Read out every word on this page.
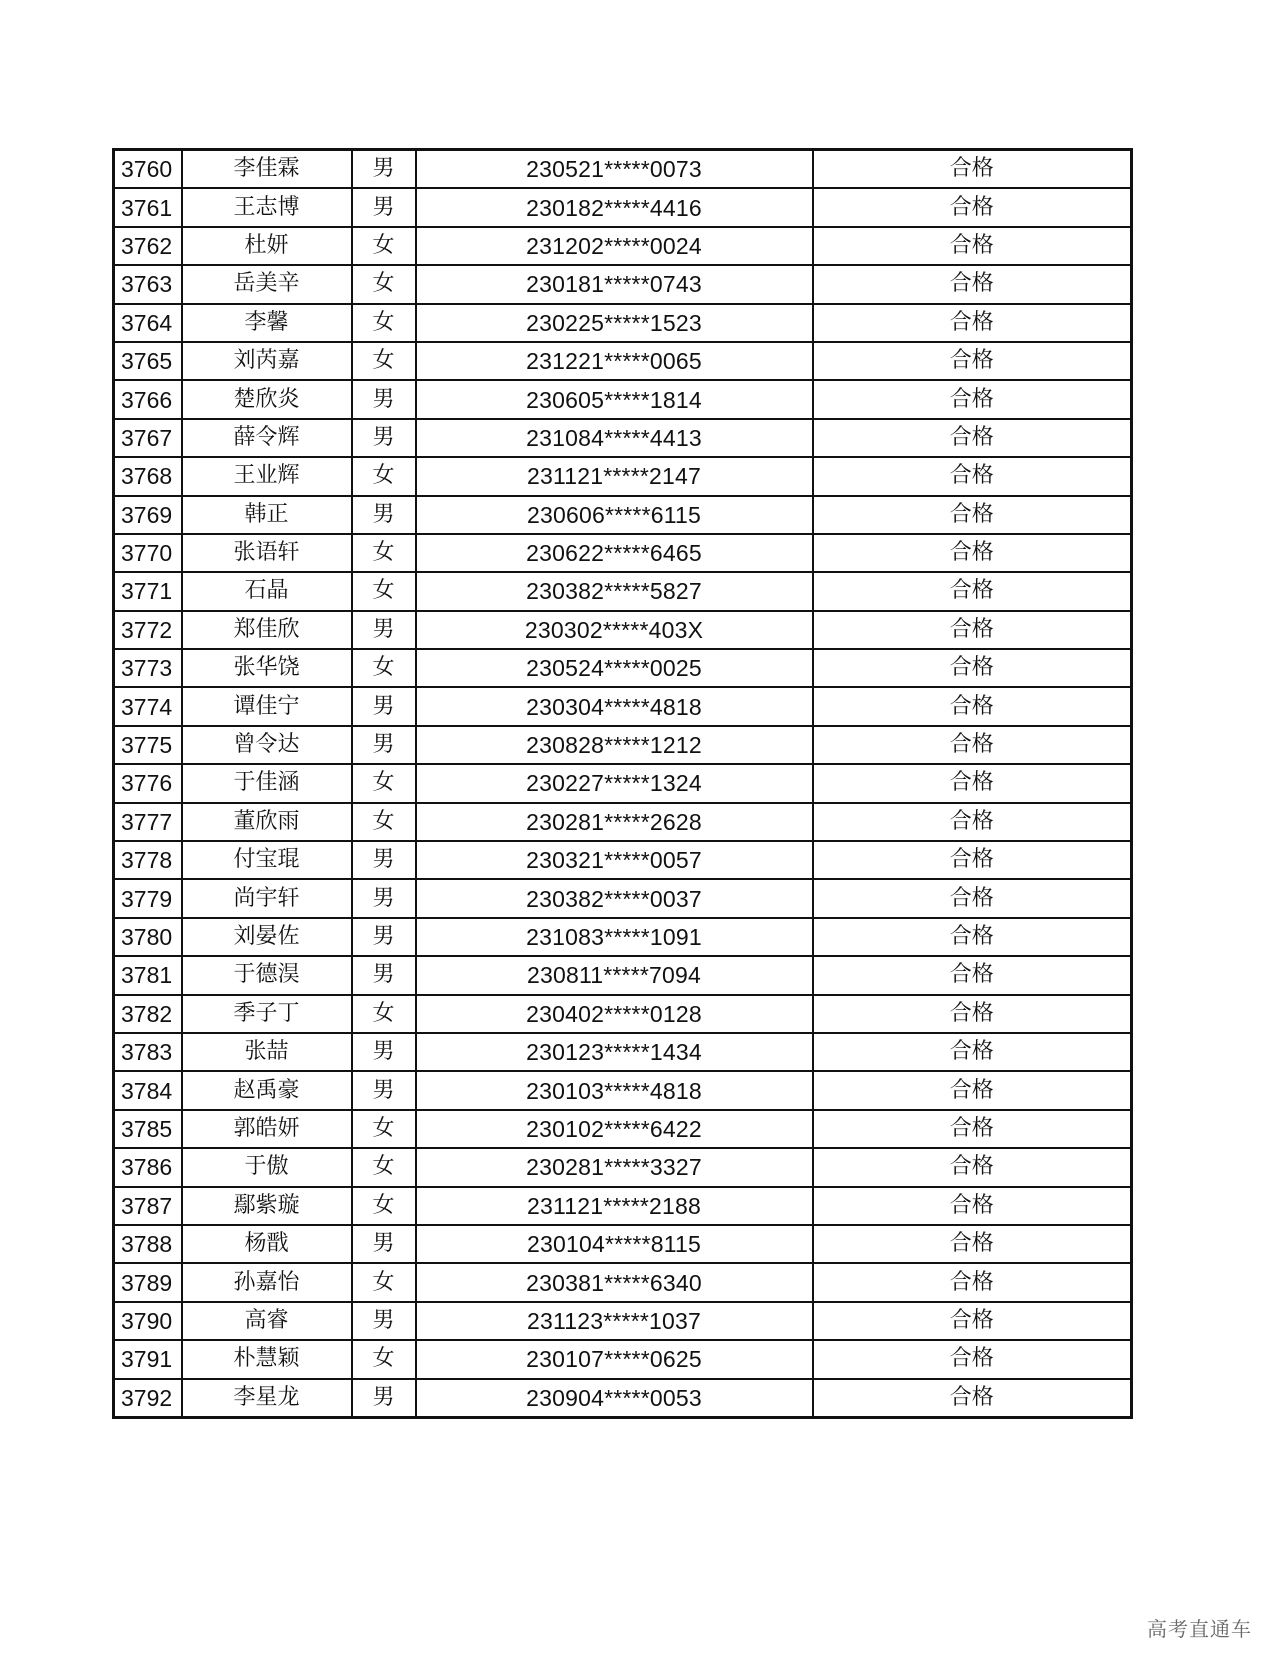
3760	李佳霖	男	230521*****0073	合格
3761	王志博	男	230182*****4416	合格
3762	杜妍	女	231202*****0024	合格
3763	岳美辛	女	230181*****0743	合格
3764	李馨	女	230225*****1523	合格
3765	刘芮嘉	女	231221*****0065	合格
3766	楚欣炎	男	230605*****1814	合格
3767	薛令辉	男	231084*****4413	合格
3768	王业辉	女	231121*****2147	合格
3769	韩正	男	230606*****6115	合格
3770	张语轩	女	230622*****6465	合格
3771	石晶	女	230382*****5827	合格
3772	郑佳欣	男	230302*****403X	合格
3773	张华饶	女	230524*****0025	合格
3774	谭佳宁	男	230304*****4818	合格
3775	曾令达	男	230828*****1212	合格
3776	于佳涵	女	230227*****1324	合格
3777	董欣雨	女	230281*****2628	合格
3778	付宝琨	男	230321*****0057	合格
3779	尚宇轩	男	230382*****0037	合格
3780	刘晏佐	男	231083*****1091	合格
3781	于德淏	男	230811*****7094	合格
3782	季子丁	女	230402*****0128	合格
3783	张喆	男	230123*****1434	合格
3784	赵禹豪	男	230103*****4818	合格
3785	郭皓妍	女	230102*****6422	合格
3786	于傲	女	230281*****3327	合格
3787	鄢紫璇	女	231121*****2188	合格
3788	杨戬	男	230104*****8115	合格
3789	孙嘉怡	女	230381*****6340	合格
3790	高睿	男	231123*****1037	合格
3791	朴慧颖	女	230107*****0625	合格
3792	李星龙	男	230904*****0053	合格
高考直通车
